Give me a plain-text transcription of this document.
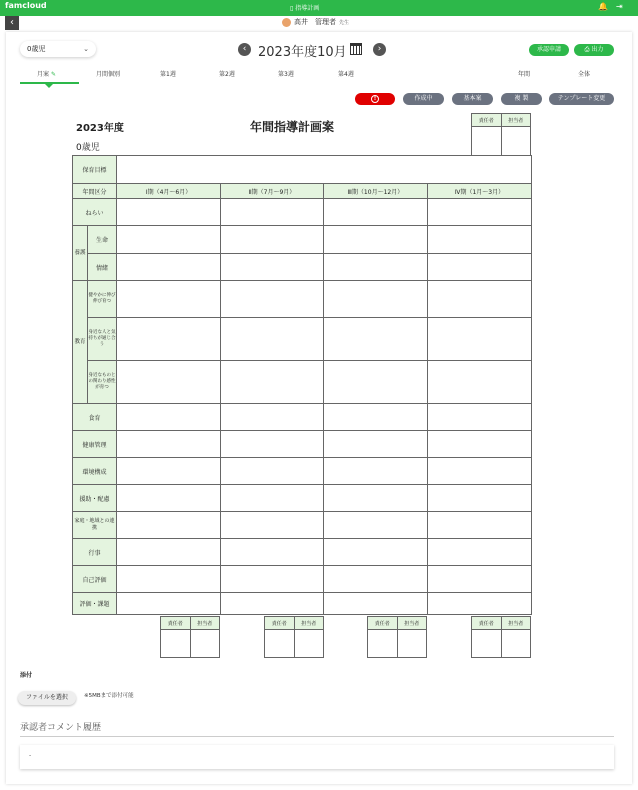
famcloud	▯ 指導計画	🔔 ⇥
‹	高井　管理者 先生
0歳児	⌄	‹ 2023年度10月	›	承認申請	⎙ 出力
月案 ✎	月間個別	第1週	第2週	第3週	第4週	年間	全体
!	作成中	基本案	複 製	テンプレート変更
2023年度	年間指導計画案
0歳児
責任者	担当者

保育目標					
年間区分		Ⅰ期（4月～6月）	Ⅱ期（7月～9月）	Ⅲ期（10月～12月）	Ⅳ期（1月～3月）
ねらい					
養護	生命				
	情緒				
教育	健やかに伸び伸び育つ				
	身近な人と気持ちが通じ合う				
	身近なものとの関わり感性が育つ				
食育					
健康管理					
環境構成					
援助・配慮					
家庭・地域との連携					
行事					
自己評価					
評価・課題					
責任者	担当者
		責任者	担当者
		責任者	担当者
		責任者	担当者

添付
ファイルを選択	※5MBまで添付可能
承認者コメント履歴
-
